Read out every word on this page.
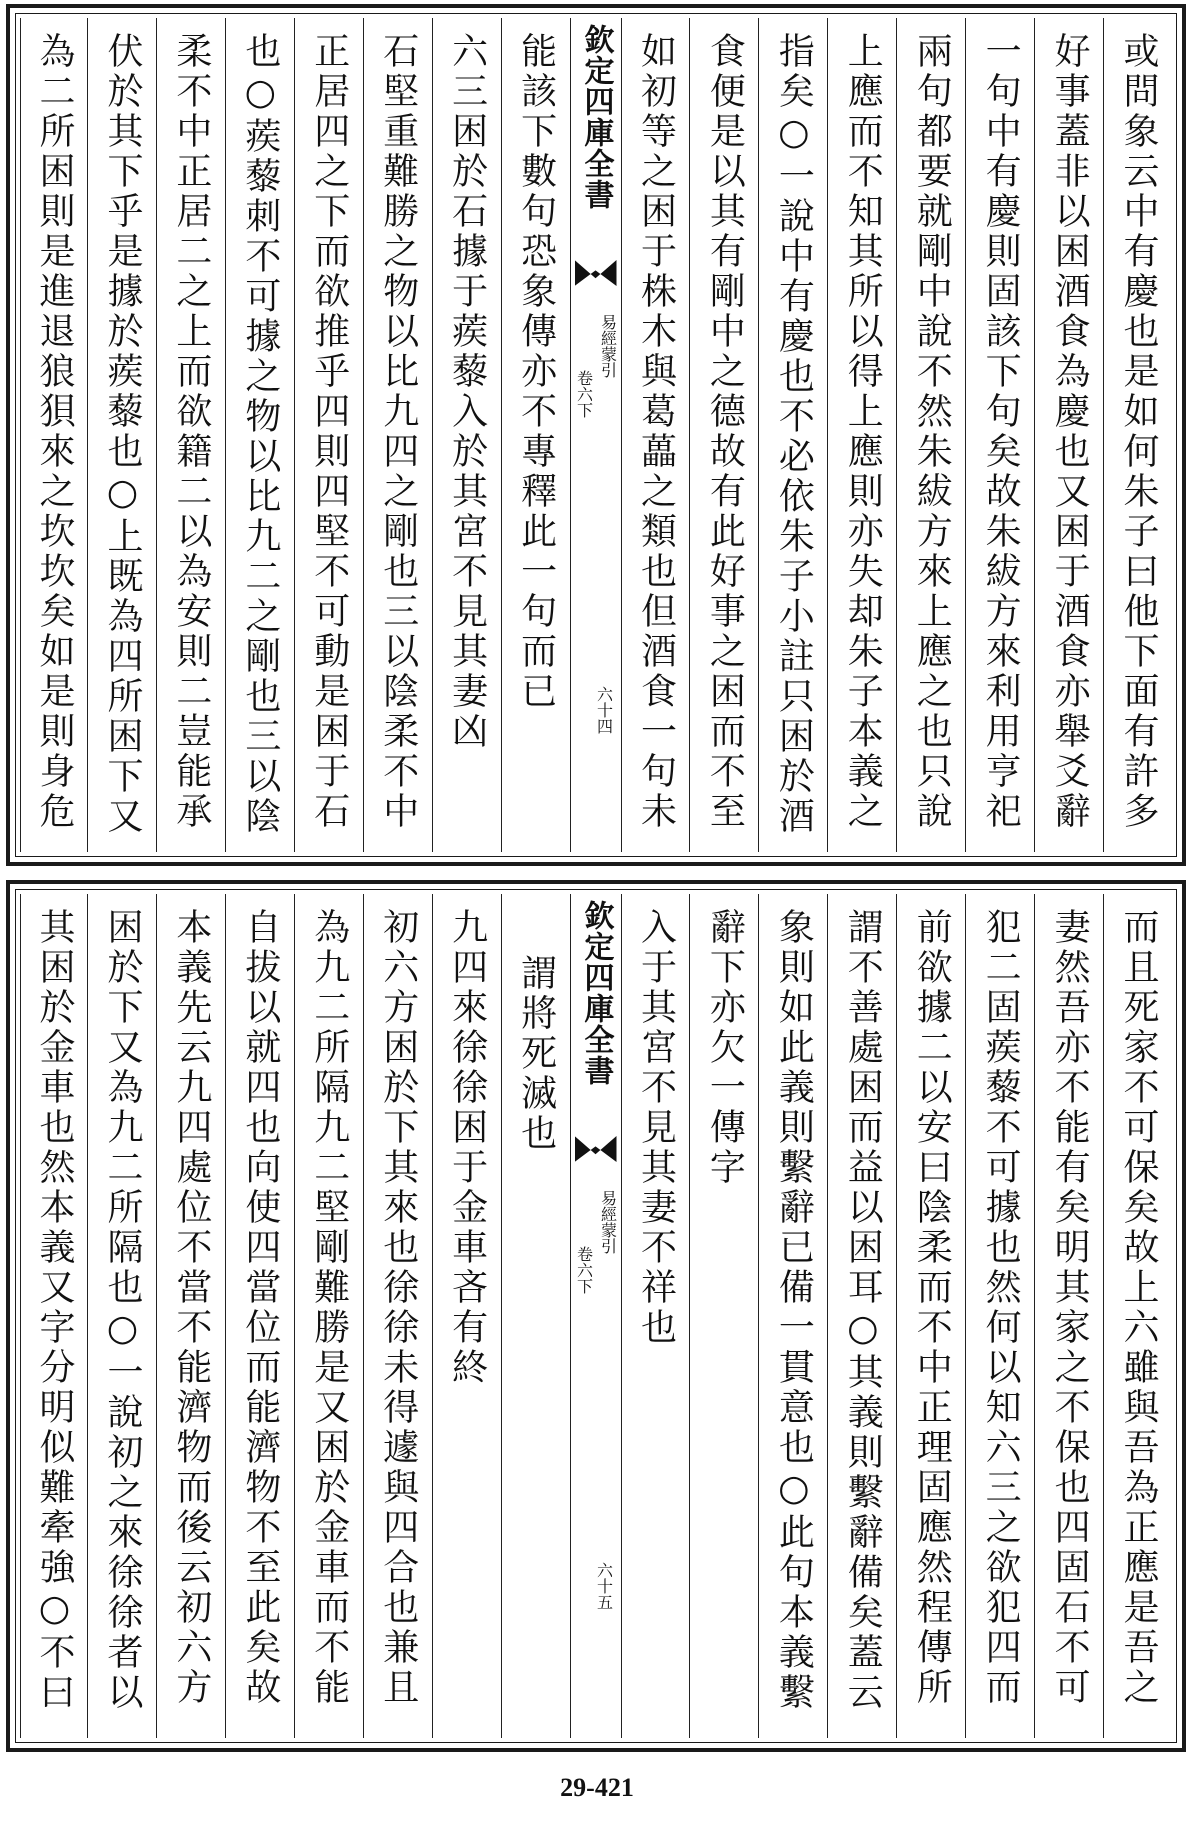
或問象云中有慶也是如何朱子曰他下面有許多
好事蓋非以困酒食為慶也又困于酒食亦舉爻辭
一句中有慶則固該下句矣故朱紱方來利用亨祀
兩句都要就剛中說不然朱紱方來上應之也只說
上應而不知其所以得上應則亦失却朱子本義之
指矣○一說中有慶也不必依朱子小註只困於酒
食便是以其有剛中之德故有此好事之困而不至
如初等之困于株木與葛藟之類也但酒食一句未
欽定四庫全書
易經蒙引
卷六下
六十四
能該下數句恐象傳亦不專釋此一句而已
六三困於石據于蒺藜入於其宮不見其妻凶
石堅重難勝之物以比九四之剛也三以陰柔不中
正居四之下而欲推乎四則四堅不可動是困于石
也○蒺藜刺不可據之物以比九二之剛也三以陰
柔不中正居二之上而欲籍二以為安則二豈能承
伏於其下乎是據於蒺藜也○上既為四所困下又
為二所困則是進退狼狽來之坎坎矣如是則身危
而且死家不可保矣故上六雖與吾為正應是吾之
妻然吾亦不能有矣明其家之不保也四固石不可
犯二固蒺藜不可據也然何以知六三之欲犯四而
前欲據二以安曰陰柔而不中正理固應然程傳所
謂不善處困而益以困耳○其義則繫辭備矣蓋云
象則如此義則繫辭已備一貫意也○此句本義繫
辭下亦欠一傳字
入于其宮不見其妻不祥也
欽定四庫全書
易經蒙引
卷六下
六十五
謂將死滅也
九四來徐徐困于金車吝有終
初六方困於下其來也徐徐未得遽與四合也兼且
為九二所隔九二堅剛難勝是又困於金車而不能
自拔以就四也向使四當位而能濟物不至此矣故
本義先云九四處位不當不能濟物而後云初六方
困於下又為九二所隔也○一說初之來徐徐者以
其困於金車也然本義又字分明似難牽強○不曰
29-421
